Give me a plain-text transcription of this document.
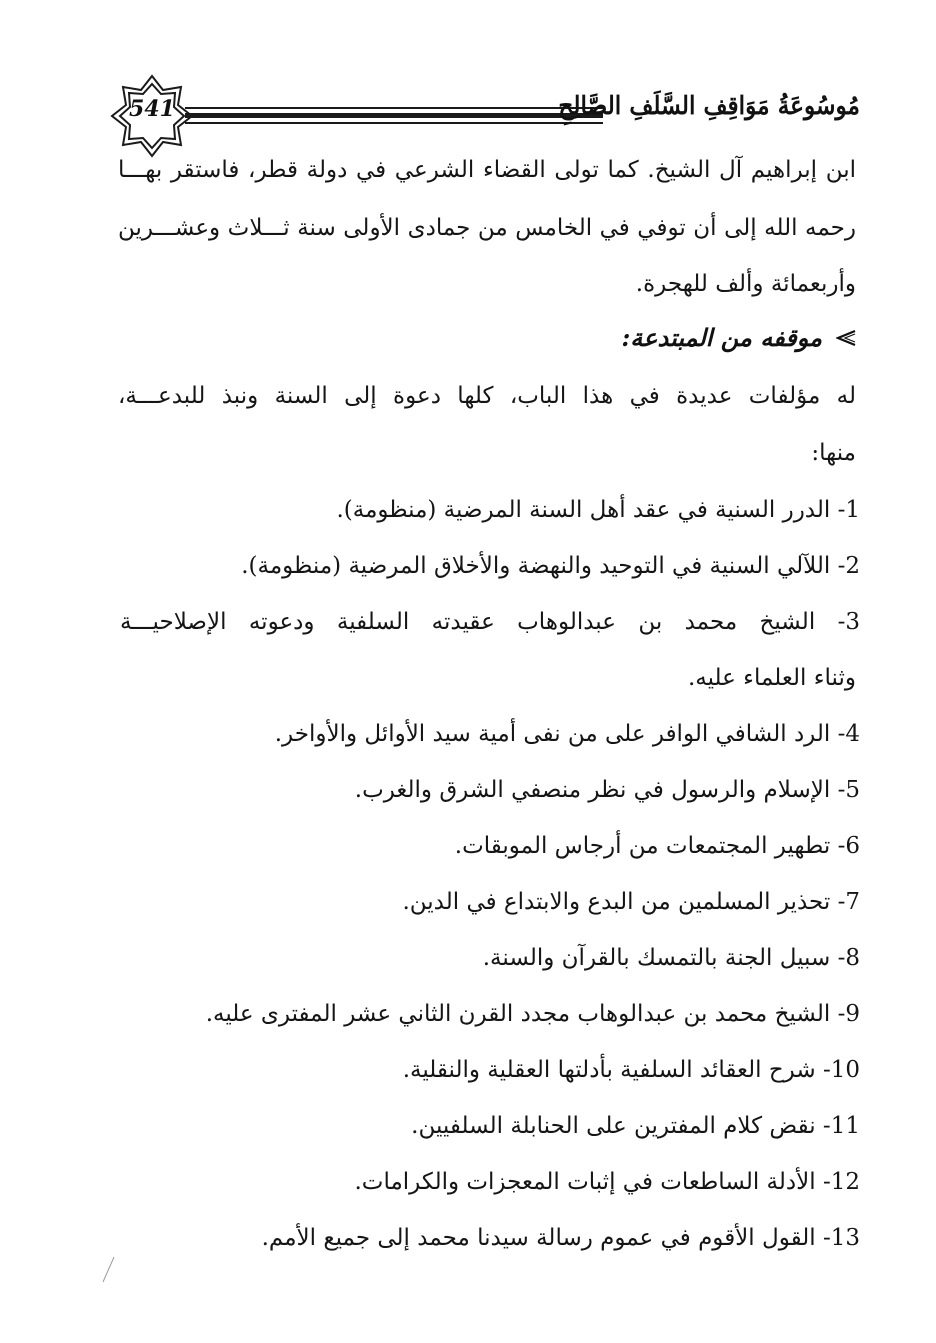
541	مُوسُوعَةُ مَوَاقِفِ السَّلَفِ الصَّالِحِ
ابن إبراهيم آل الشيخ. كما تولى القضاء الشرعي في دولة قطر، فاستقر بهـــا
رحمه الله إلى أن توفي في الخامس من جمادى الأولى سنة ثـــلاث وعشـــرين
وأربعمائة وألف للهجرة.
موقفه من المبتدعة:
له مؤلفات عديدة في هذا الباب، كلها دعوة إلى السنة ونبذ للبدعـــة،
منها:
1- الدرر السنية في عقد أهل السنة المرضية (منظومة).
2- اللآلي السنية في التوحيد والنهضة والأخلاق المرضية (منظومة).
3- الشيخ محمد بن عبدالوهاب عقيدته السلفية ودعوته الإصلاحيـــة
وثناء العلماء عليه.
4- الرد الشافي الوافر على من نفى أمية سيد الأوائل والأواخر.
5- الإسلام والرسول في نظر منصفي الشرق والغرب.
6- تطهير المجتمعات من أرجاس الموبقات.
7- تحذير المسلمين من البدع والابتداع في الدين.
8- سبيل الجنة بالتمسك بالقرآن والسنة.
9- الشيخ محمد بن عبدالوهاب مجدد القرن الثاني عشر المفترى عليه.
10- شرح العقائد السلفية بأدلتها العقلية والنقلية.
11- نقض كلام المفترين على الحنابلة السلفيين.
12- الأدلة الساطعات في إثبات المعجزات والكرامات.
13- القول الأقوم في عموم رسالة سيدنا محمد إلى جميع الأمم.
